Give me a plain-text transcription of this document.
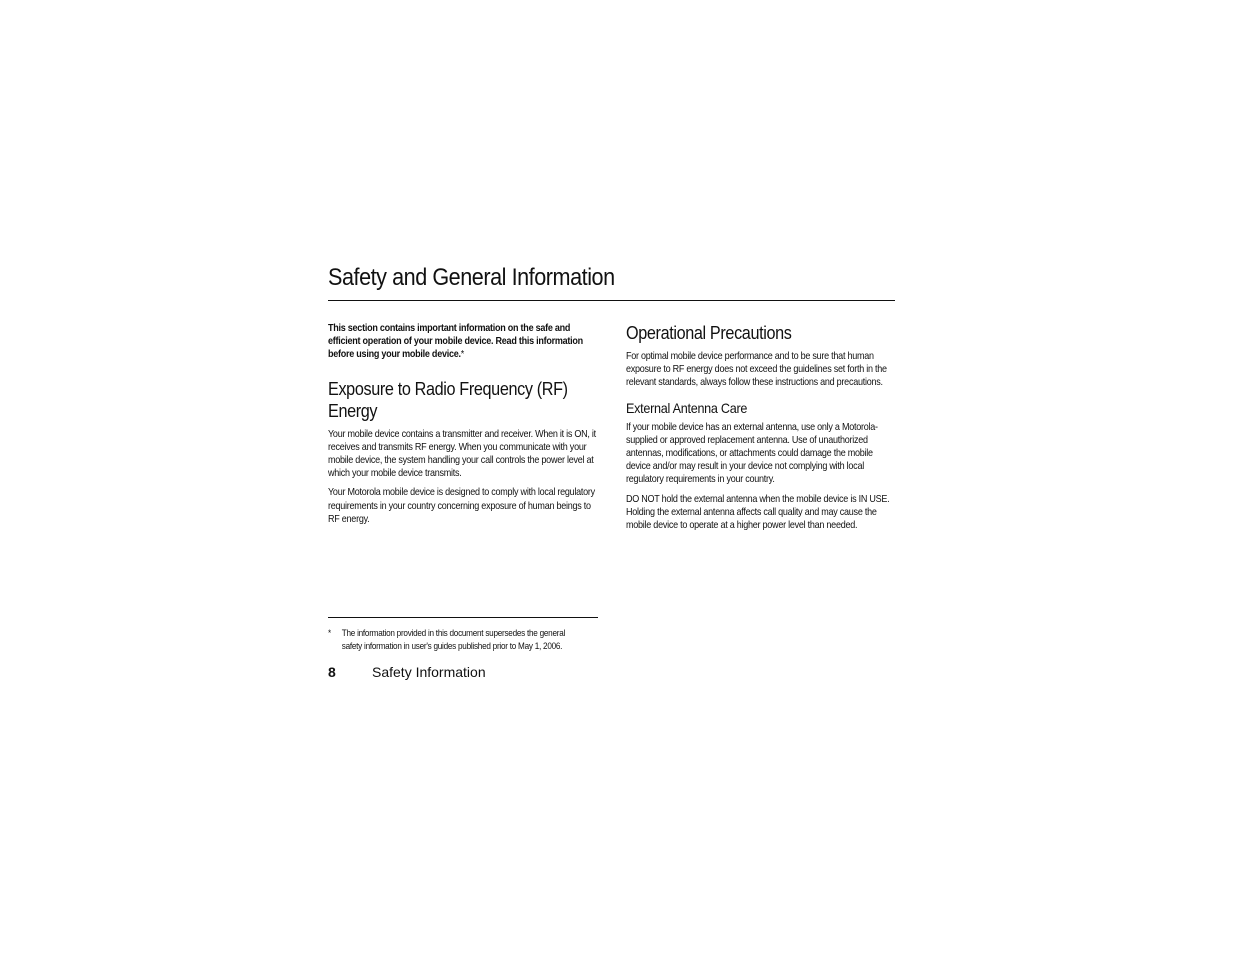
Safety and General Information

This section contains important information on the safe and efficient operation of your mobile device. Read this information before using your mobile device.*

Exposure to Radio Frequency (RF) Energy

Your mobile device contains a transmitter and receiver. When it is ON, it receives and transmits RF energy. When you communicate with your mobile device, the system handling your call controls the power level at which your mobile device transmits.

Your Motorola mobile device is designed to comply with local regulatory requirements in your country concerning exposure of human beings to RF energy.

Operational Precautions

For optimal mobile device performance and to be sure that human exposure to RF energy does not exceed the guidelines set forth in the relevant standards, always follow these instructions and precautions.

External Antenna Care

If your mobile device has an external antenna, use only a Motorola-supplied or approved replacement antenna. Use of unauthorized antennas, modifications, or attachments could damage the mobile device and/or may result in your device not complying with local regulatory requirements in your country.

DO NOT hold the external antenna when the mobile device is IN USE. Holding the external antenna affects call quality and may cause the mobile device to operate at a higher power level than needed.

*	The information provided in this document supersedes the general safety information in user's guides published prior to May 1, 2006.
8	Safety Information
